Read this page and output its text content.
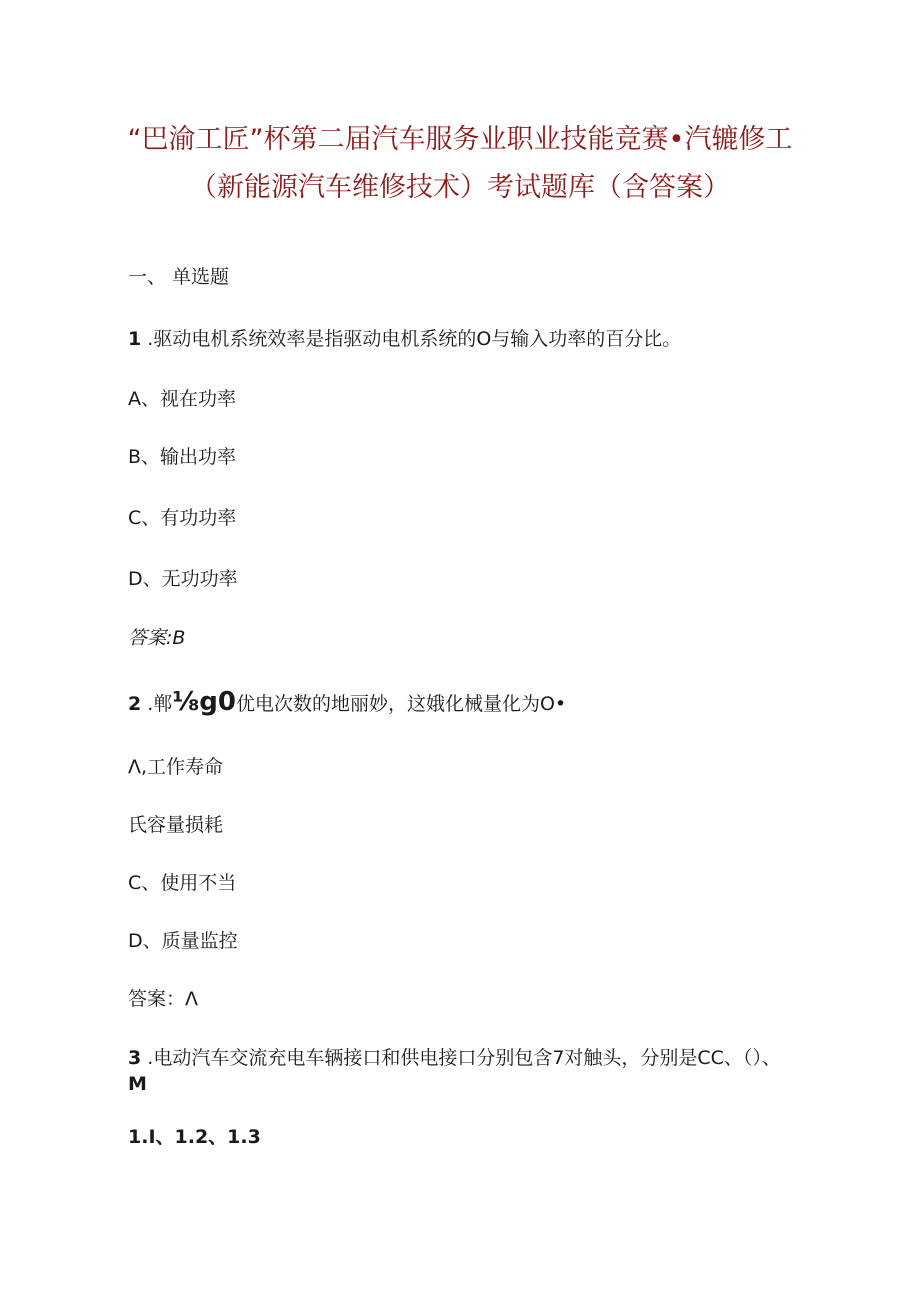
“巴渝工匠”杯第二届汽车服务业职业技能竞赛•汽辘修工
（新能源汽车维修技术）考试题库（含答案）
一、 单选题
1 .驱动电机系统效率是指驱动电机系统的O与输入功率的百分比。
A、视在功率
B、输出功率
C、有功功率
D、无功功率
答案:B
2 .郸⅛g0优电次数的地丽妙，这娥化械量化为O•
Λ,工作寿命
氏容量损耗
C、使用不当
D、质量监控
答案：Λ
3 .电动汽车交流充电车辆接口和供电接口分别包含7对触头，分别是CC、（）、
M
1.I、1.2、1.3
